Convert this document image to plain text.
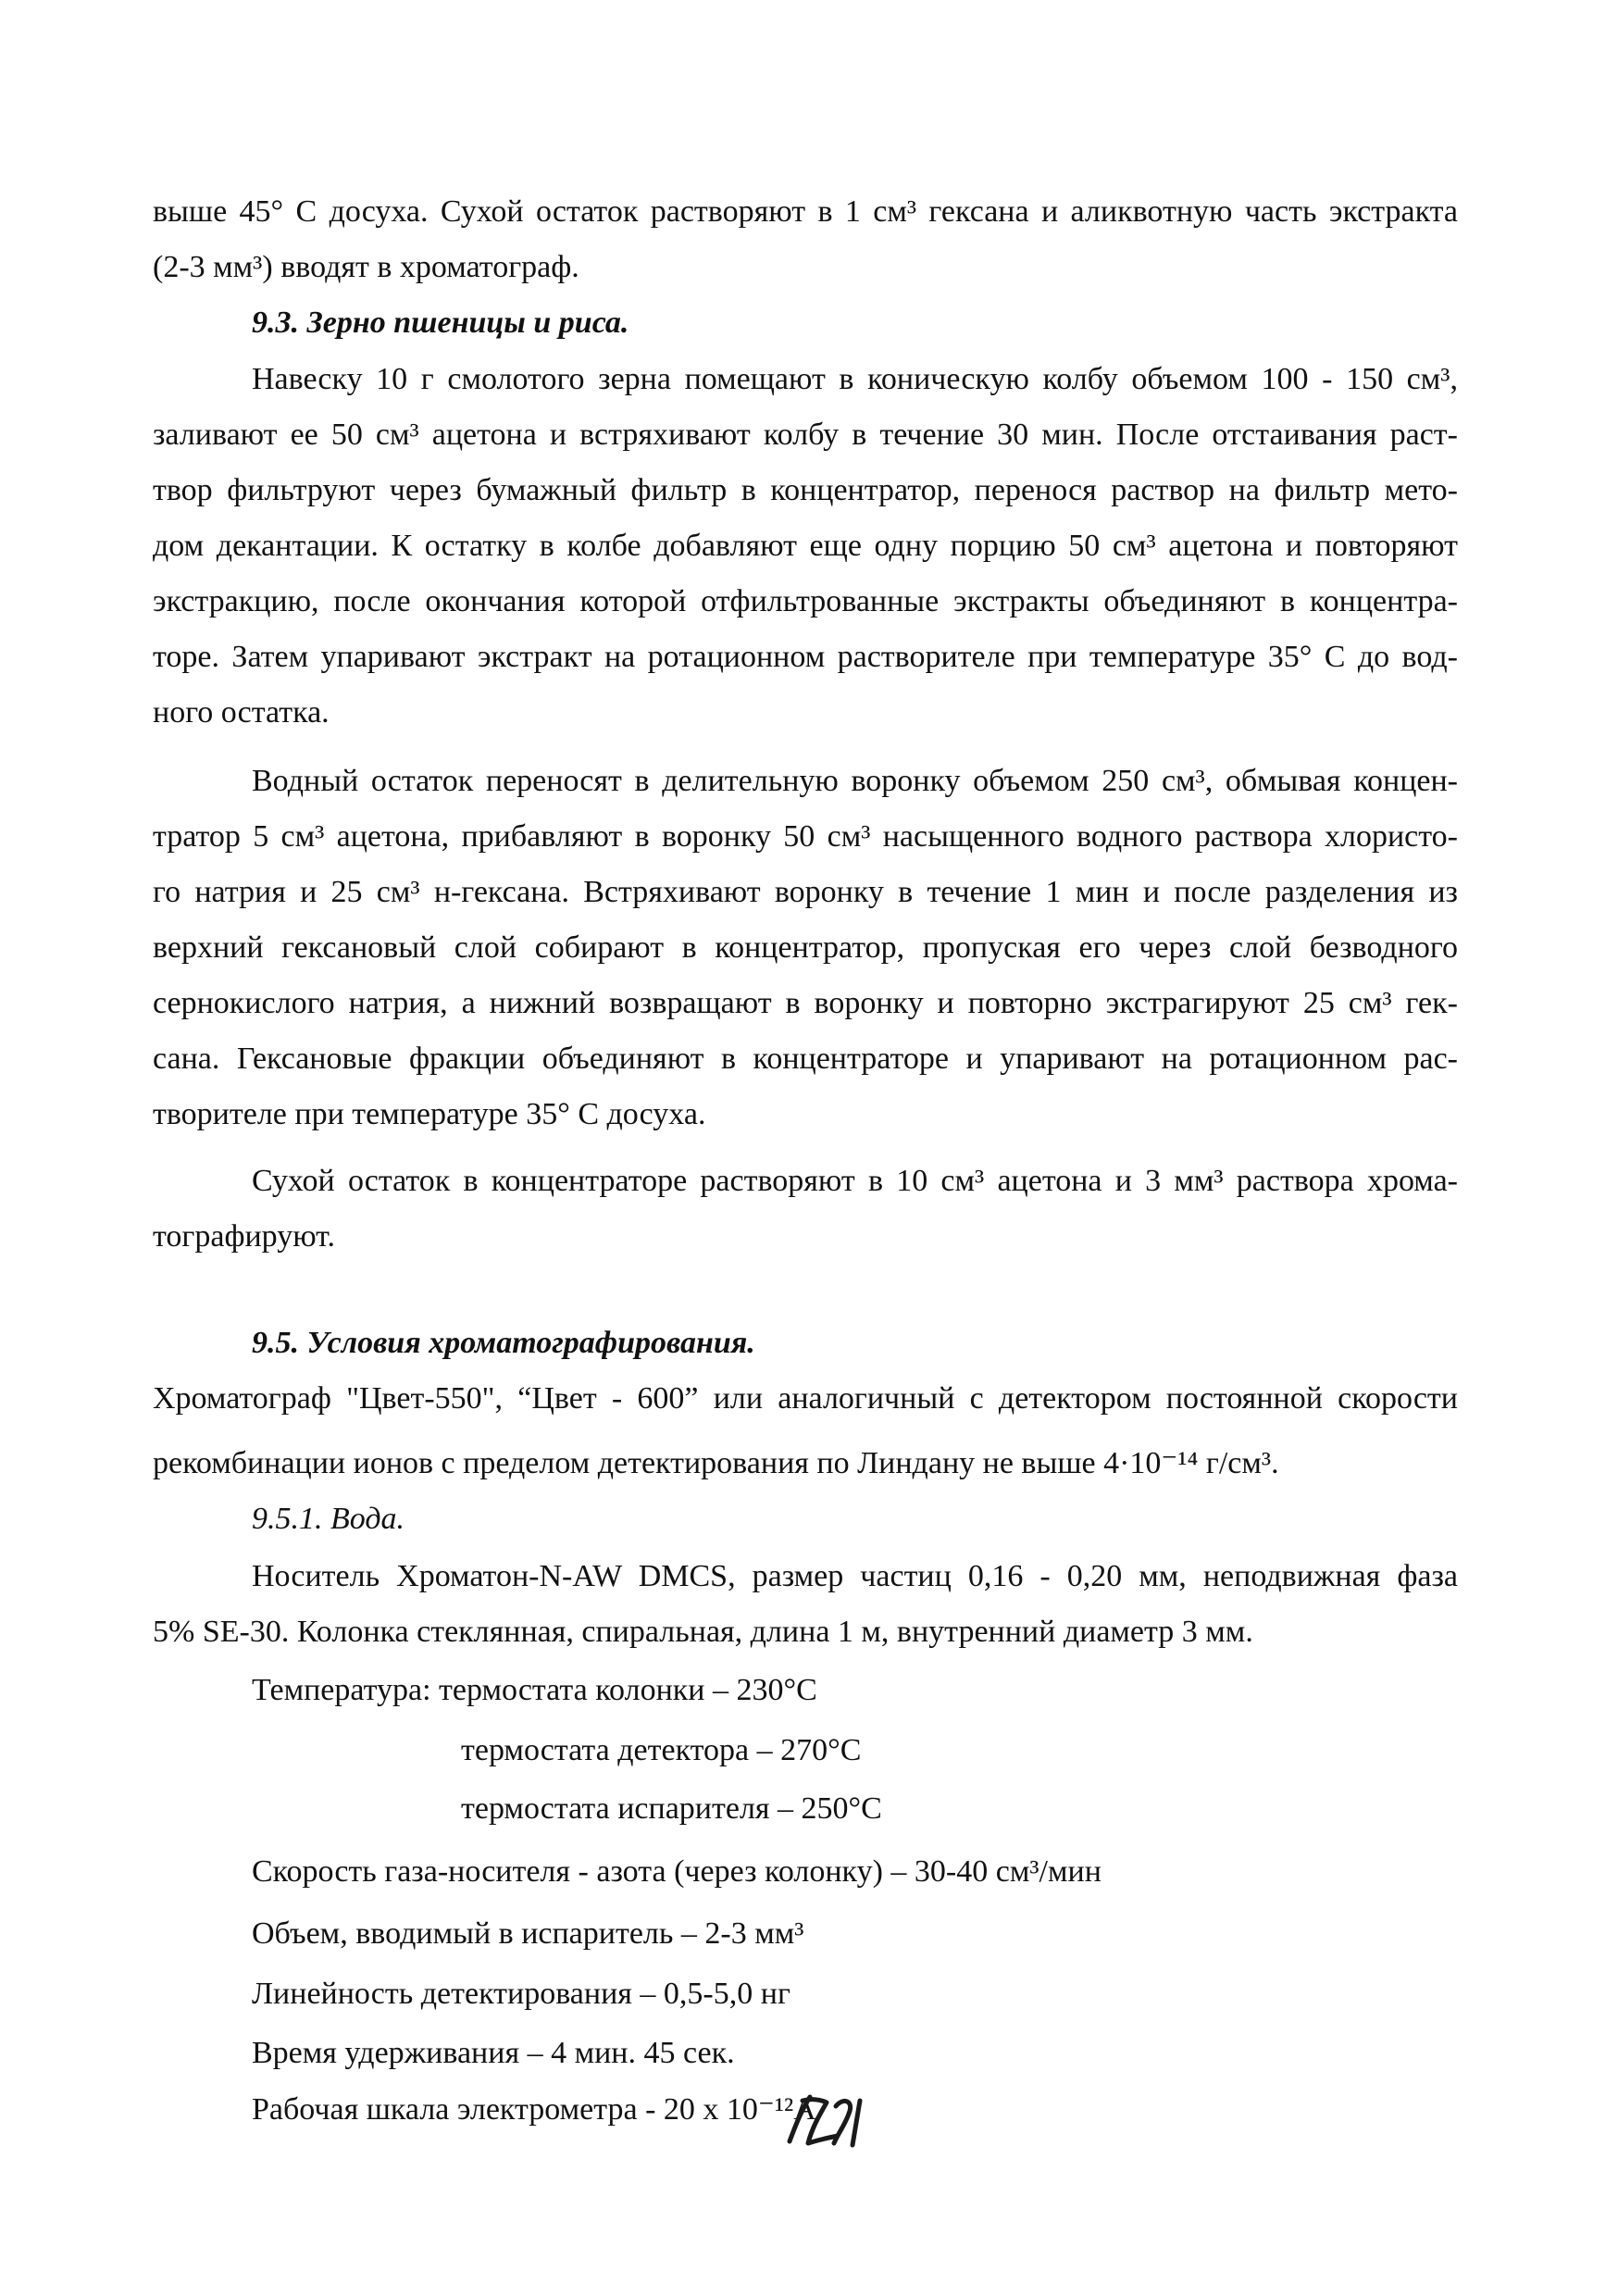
выше 45° С досуха. Сухой остаток растворяют в 1 см³ гексана и аликвотную часть экстракта
(2-3 мм³) вводят в хроматограф.
9.3. Зерно пшеницы и риса.
Навеску 10 г смолотого зерна помещают в коническую колбу объемом 100 - 150 см³,
заливают ее 50 см³ ацетона и встряхивают колбу в течение 30 мин. После отстаивания раст-
твор фильтруют через бумажный фильтр в концентратор, перенося раствор на фильтр мето-
дом декантации. К остатку в колбе добавляют еще одну порцию 50 см³ ацетона и повторяют
экстракцию, после окончания которой отфильтрованные экстракты объединяют в концентра-
торе. Затем упаривают экстракт на ротационном растворителе при температуре 35° С до вод-
ного остатка.
Водный остаток переносят в делительную воронку объемом 250 см³, обмывая концен-
тратор 5 см³ ацетона, прибавляют в воронку 50 см³ насыщенного водного раствора хлористо-
го натрия и 25 см³ н-гексана. Встряхивают воронку в течение 1 мин и после разделения из
верхний гексановый слой собирают в концентратор, пропуская его через слой безводного
сернокислого натрия, а нижний возвращают в воронку и повторно экстрагируют 25 см³ гек-
сана. Гексановые фракции объединяют в концентраторе и упаривают на ротационном рас-
творителе при температуре 35° С досуха.
Сухой остаток в концентраторе растворяют в 10 см³ ацетона и 3 мм³ раствора хрома-
тографируют.
9.5. Условия хроматографирования.
Хроматограф "Цвет-550", “Цвет - 600” или аналогичный с детектором постоянной скорости
рекомбинации ионов с пределом детектирования по Линдану не выше 4·10⁻¹⁴ г/см³.
9.5.1. Вода.
Носитель Хроматон-N-AW DMCS, размер частиц 0,16 - 0,20 мм, неподвижная фаза
5% SE-30. Колонка стеклянная, спиральная, длина 1 м, внутренний диаметр 3 мм.
Температура: термостата колонки – 230°С
термостата детектора – 270°С
термостата испарителя – 250°С
Скорость газа-носителя - азота (через колонку) – 30-40 см³/мин
Объем, вводимый в испаритель – 2-3 мм³
Линейность детектирования – 0,5-5,0 нг
Время удерживания – 4 мин. 45 сек.
Рабочая шкала электрометра - 20 х 10⁻¹²А
